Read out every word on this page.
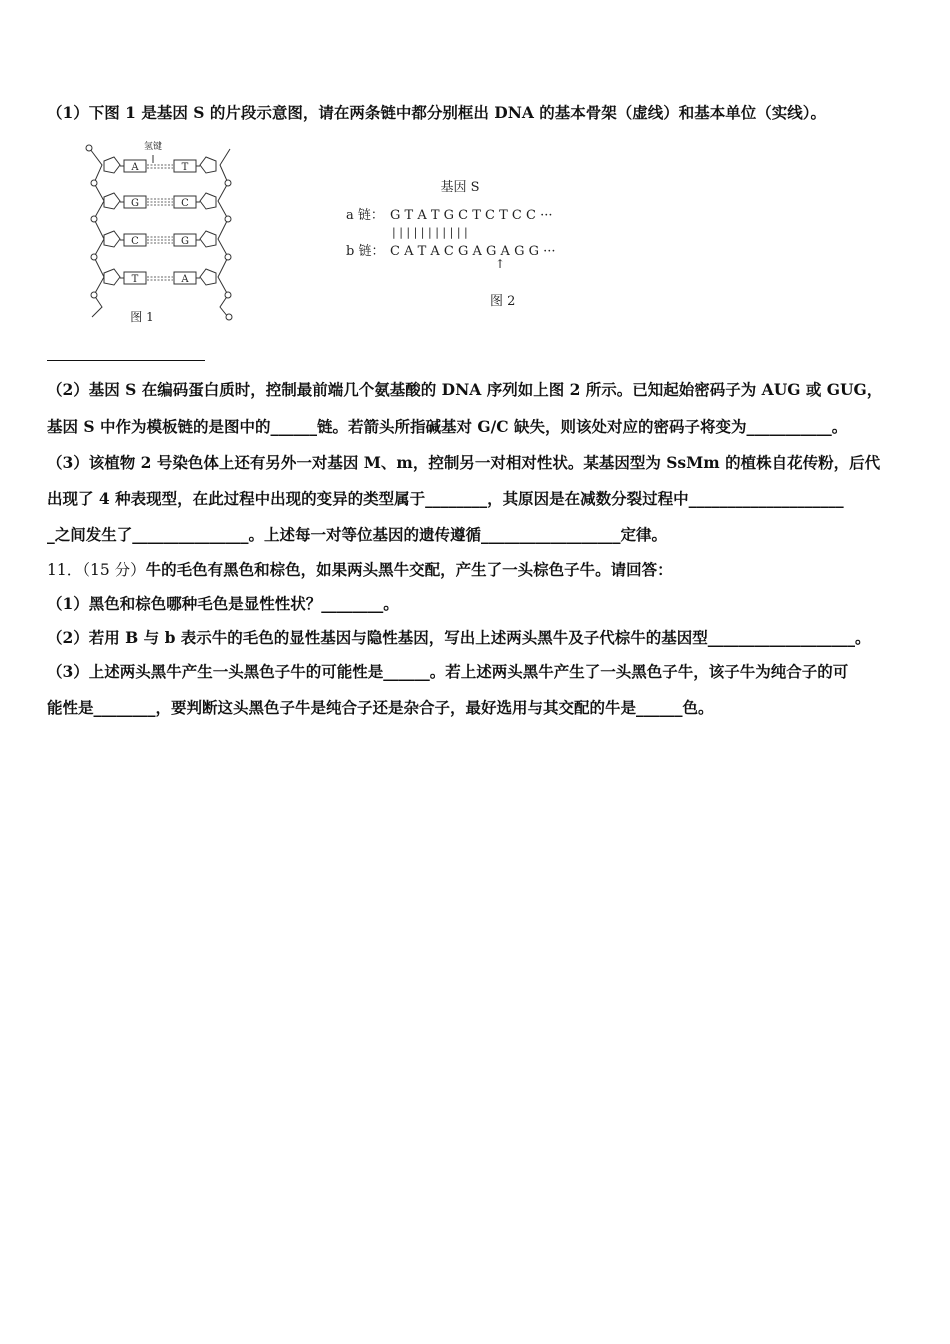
（1）下图 1 是基因 S 的片段示意图，请在两条链中都分别框出 DNA 的基本骨架（虚线）和基本单位（实线）。
氢键
A	T
G	C
C	G
T	A
图 1
基因 S
a 链： G T A T G C T C T C C ···
| | | | | | | | | | |
b 链： C A T A C G A G A G G ···
↑
图 2
（2）基因 S 在编码蛋白质时，控制最前端几个氨基酸的 DNA 序列如上图 2 所示。已知起始密码子为 AUG 或 GUG，
基因 S 中作为模板链的是图中的______链。若箭头所指碱基对 G/C 缺失，则该处对应的密码子将变为___________。
（3）该植物 2 号染色体上还有另外一对基因 M、m，控制另一对相对性状。某基因型为 SsMm 的植株自花传粉，后代
出现了 4 种表现型，在此过程中出现的变异的类型属于________，其原因是在减数分裂过程中____________________
_之间发生了_______________。上述每一对等位基因的遗传遵循__________________定律。
11．（15 分）牛的毛色有黑色和棕色，如果两头黑牛交配，产生了一头棕色子牛。请回答：
（1）黑色和棕色哪种毛色是显性性状？________。
（2）若用 B 与 b 表示牛的毛色的显性基因与隐性基因，写出上述两头黑牛及子代棕牛的基因型___________________。
（3）上述两头黑牛产生一头黑色子牛的可能性是______。若上述两头黑牛产生了一头黑色子牛，该子牛为纯合子的可
能性是________，要判断这头黑色子牛是纯合子还是杂合子，最好选用与其交配的牛是______色。
